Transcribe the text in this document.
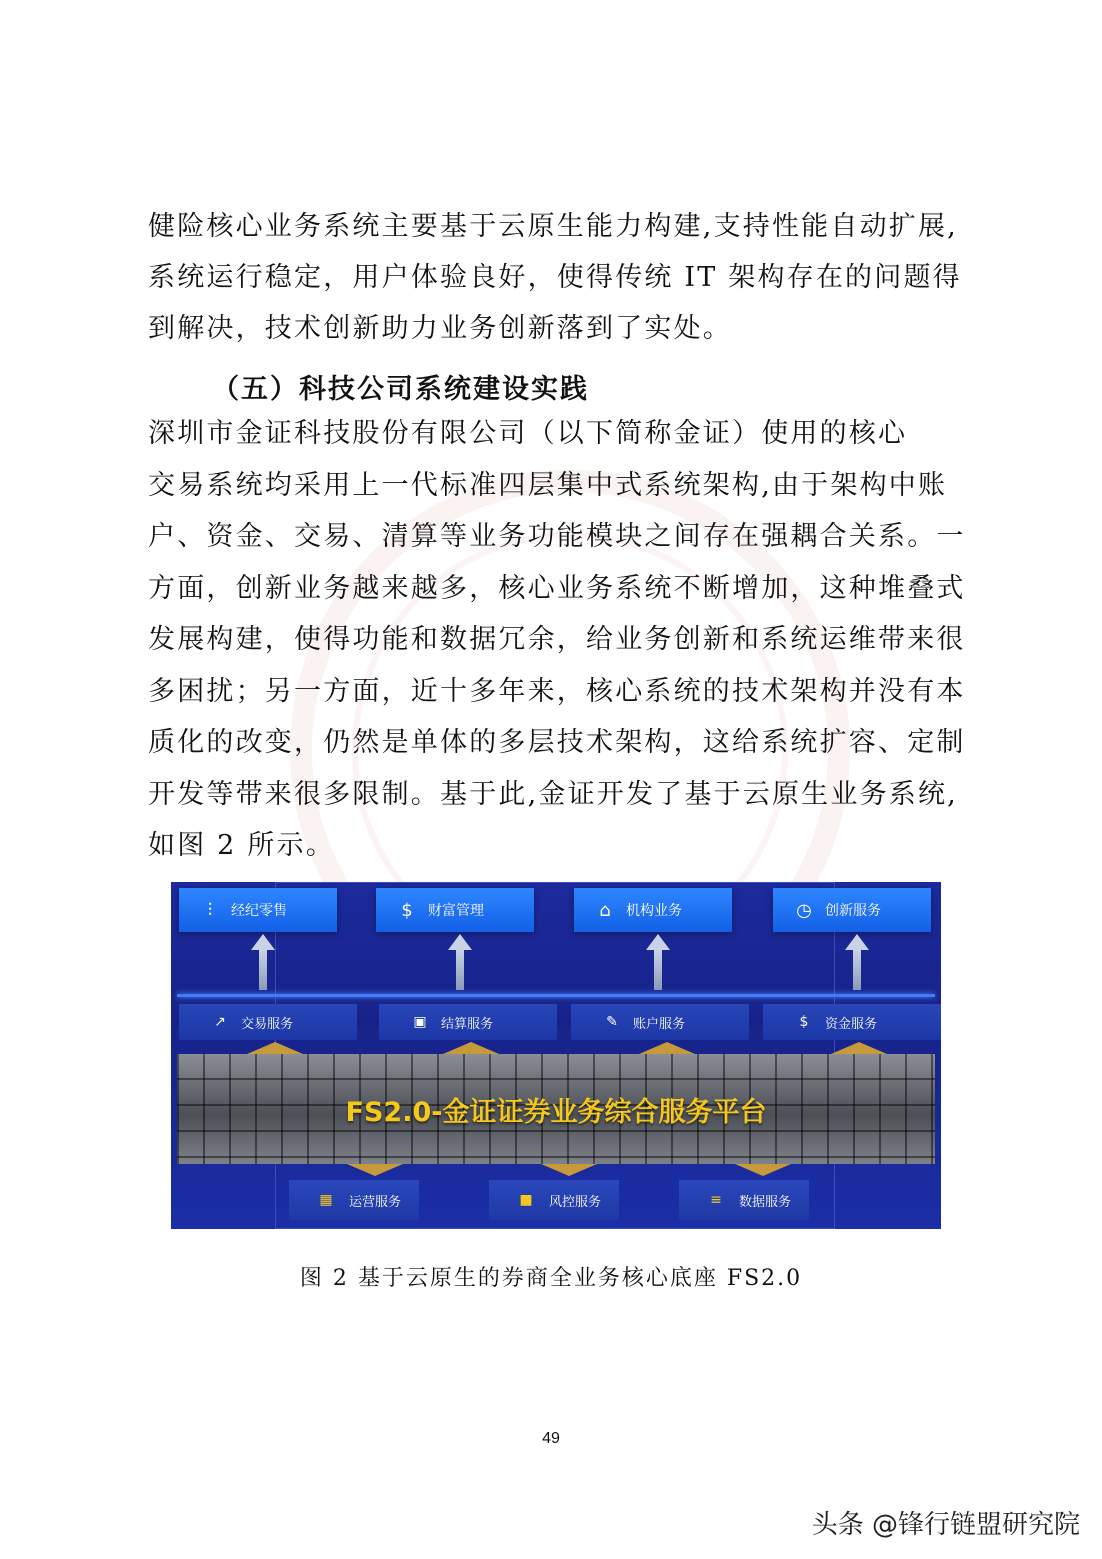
健险核心业务系统主要基于云原生能力构建,支持性能自动扩展,
系统运行稳定，用户体验良好，使得传统 IT 架构存在的问题得
到解决，技术创新助力业务创新落到了实处。
（五）科技公司系统建设实践
深圳市金证科技股份有限公司（以下简称金证）使用的核心
交易系统均采用上一代标准四层集中式系统架构,由于架构中账
户、资金、交易、清算等业务功能模块之间存在强耦合关系。一
方面，创新业务越来越多，核心业务系统不断增加，这种堆叠式
发展构建，使得功能和数据冗余，给业务创新和系统运维带来很
多困扰；另一方面，近十多年来，核心系统的技术架构并没有本
质化的改变，仍然是单体的多层技术架构，这给系统扩容、定制
开发等带来很多限制。基于此,金证开发了基于云原生业务系统,
如图 2 所示。
⫶	经纪零售	$	财富管理	⌂	机构业务	◷ 创新服务
↗ 交易服务	▣ 结算服务	✎ 账户服务	$	资金服务
FS2.0-金证证券业务综合服务平台
▦ 运营服务	■ 风控服务	≡ 数据服务
图 2 基于云原生的券商全业务核心底座 FS2.0
49
头条 @锋行链盟研究院
